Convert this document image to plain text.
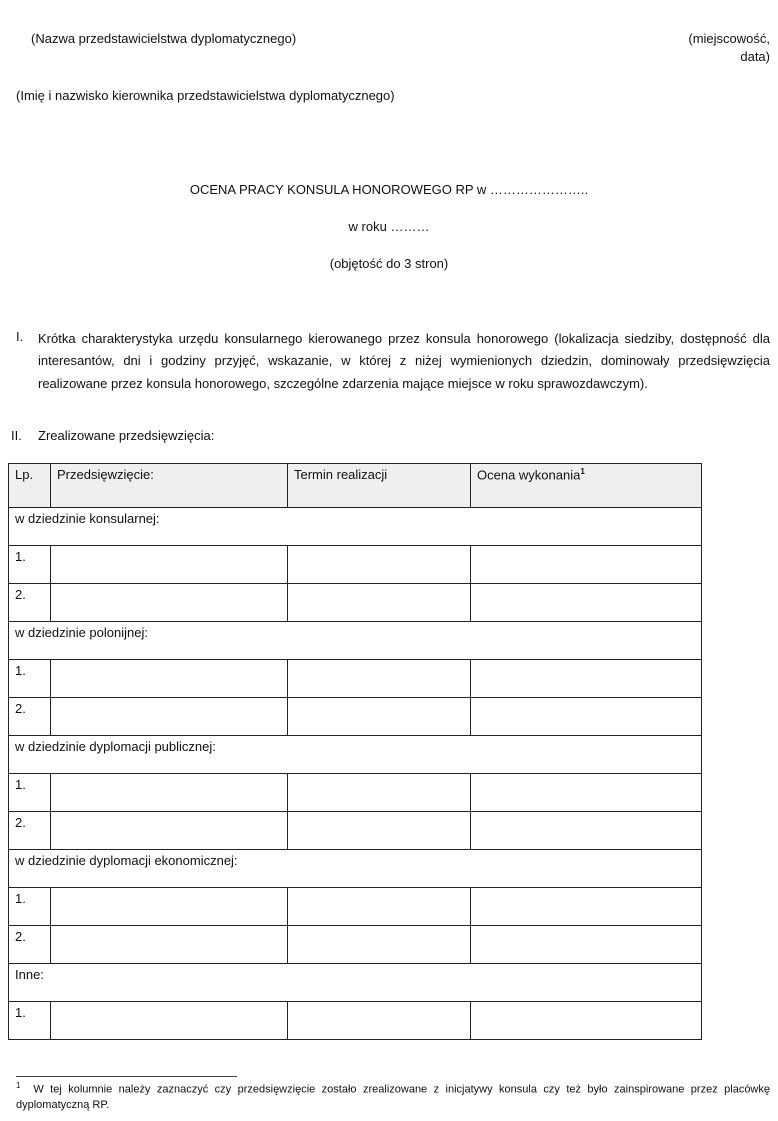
(Nazwa przedstawicielstwa dyplomatycznego)	(miejscowość,
data)
(Imię i nazwisko kierownika przedstawicielstwa dyplomatycznego)
OCENA PRACY KONSULA HONOROWEGO RP w …………………..
w roku ………
(objętość do 3 stron)
I. Krótka charakterystyka urzędu konsularnego kierowanego przez konsula honorowego (lokalizacja siedziby, dostępność dla interesantów, dni i godziny przyjęć, wskazanie, w której z niżej wymienionych dziedzin, dominowały przedsięwzięcia realizowane przez konsula honorowego, szczególne zdarzenia mające miejsce w roku sprawozdawczym).
II. Zrealizowane przedsięwzięcia:
Lp.	Przedsięwzięcie:	Termin realizacji	Ocena wykonania$^1$
w dziedzinie konsularnej:			
1.			
2.			
w dziedzinie polonijnej:			
1.			
2.			
w dziedzinie dyplomacji publicznej:			
1.			
2.			
w dziedzinie dyplomacji ekonomicznej:			
1.			
2.			
Inne:			
1.			
$^1$ W tej kolumnie należy zaznaczyć czy przedsięwzięcie zostało zrealizowane z inicjatywy konsula czy też było zainspirowane przez placówkę dyplomatyczną RP.
